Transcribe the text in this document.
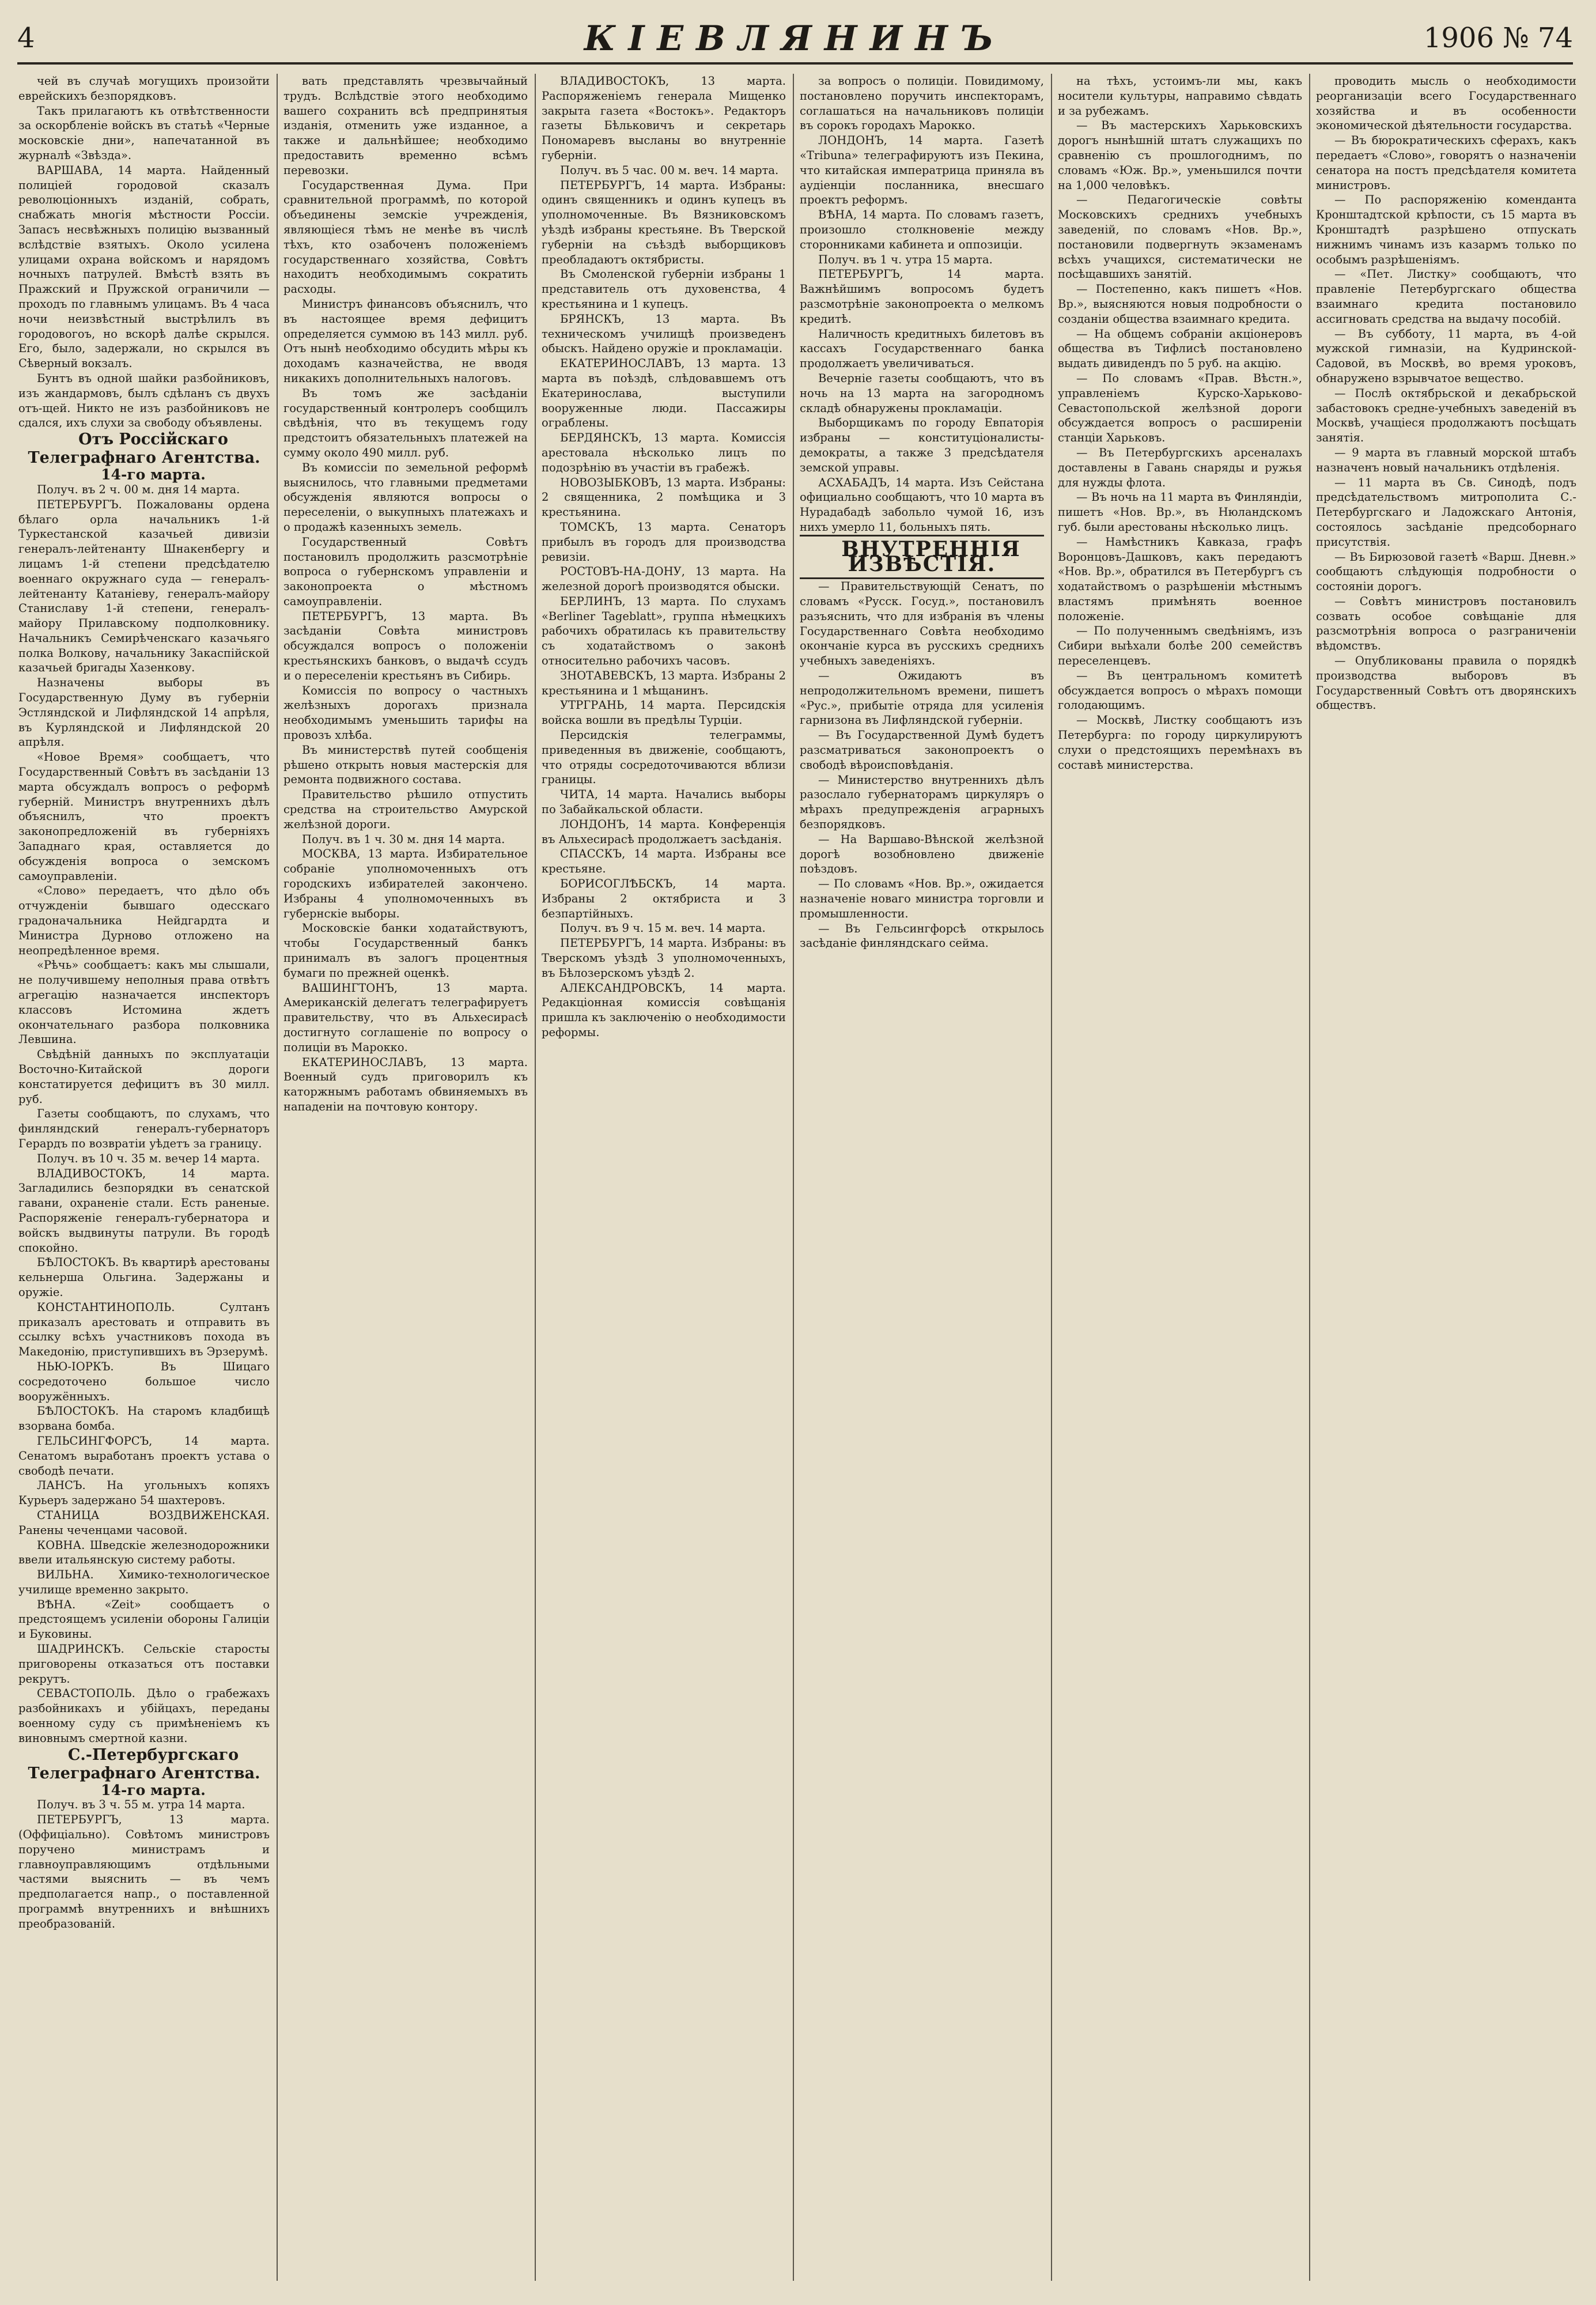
4	КІЕВЛЯНИНЪ	1906 № 74

чей въ случаѣ могущихъ произойти еврейскихъ безпорядковъ.

Такъ прилагаютъ къ отвѣтственности за оскорбленіе войскъ въ статьѣ «Черные московскіе дни», напечатанной въ журналѣ «Звѣзда».

ВАРШАВА, 14 марта. Найденный полиціей городовой сказалъ революціонныхъ изданій, собрать, снабжать многія мѣстности Россіи. Запасъ несвѣжныхъ полицію вызванный вслѣдствіе взятыхъ. Около усилена улицами охрана войскомъ и нарядомъ ночныхъ патрулей. Вмѣстѣ взять въ Пражский и Пружской ограничили — проходъ по главнымъ улицамъ. Въ 4 часа ночи неизвѣстный выстрѣлилъ въ городовогоъ, но вскорѣ далѣе скрылся. Его, было, задержали, но скрылся въ Сѣверный вокзалъ.

Бунтъ въ одной шайки разбойниковъ, изъ жандармовъ, былъ сдѣланъ съ двухъ отъ-щей. Никто не изъ разбойниковъ не сдался, ихъ слухи за свободу объявлены.

Отъ Россійскаго Телеграфнаго Агентства.

14-го марта.

Получ. въ 2 ч. 00 м. дня 14 марта.

ПЕТЕРБУРГЪ. Пожалованы ордена бѣлаго орла начальникъ 1-й Туркестанской казачьей дивизіи генералъ-лейтенанту Шнакенбергу и лицамъ 1-й степени предсѣдателю военнаго окружнаго суда — генералъ-лейтенанту Катаніеву, генералъ-майору Станиславу 1-й степени, генералъ-майору Прилавскому подполковнику. Начальникъ Семирѣченскаго казачьяго полка Волкову, начальнику Закаспійской казачьей бригады Хазенкову.

Назначены выборы въ Государственную Думу въ губерніи Эстляндской и Лифляндской 14 апрѣля, въ Курляндской и Лифляндской 20 апрѣля.

«Новое Время» сообщаетъ, что Государственный Совѣтъ въ засѣданіи 13 марта обсуждалъ вопросъ о реформѣ губерній. Министръ внутреннихъ дѣлъ объяснилъ, что проектъ законопредложеній въ губерніяхъ Западнаго края, оставляется до обсужденія вопроса о земскомъ самоуправленіи.

«Слово» передаетъ, что дѣло объ отчужденіи бывшаго одесскаго градоначальника Нейдгардта и Министра Дурново отложено на неопредѣленное время.

«Рѣчь» сообщаетъ: какъ мы слышали, не получившему неполныя права отвѣтъ агрегацію назначается инспекторъ классовъ Истомина ждетъ окончательнаго разбора полковника Левшина.

Свѣдѣній данныхъ по эксплуатаціи Восточно-Китайской дороги констатируется дефицитъ въ 30 милл. руб.

Газеты сообщаютъ, по слухамъ, что финляндский генералъ-губернаторъ Герардъ по возвратіи уѣдетъ за границу.

Получ. въ 10 ч. 35 м. вечер 14 марта.

ВЛАДИВОСТОКЪ, 14 марта. Загладились безпорядки въ сенатской гавани, охраненіе стали. Есть раненые. Распоряженіе генералъ-губернатора и войскъ выдвинуты патрули. Въ городѣ спокойно.

БѢЛОСТОКЪ. Въ квартирѣ арестованы кельнерша Ольгина. Задержаны и оружіе.

КОНСТАНТИНОПОЛЬ. Султанъ приказалъ арестовать и отправить въ ссылку всѣхъ участниковъ похода въ Македонію, приступившихъ въ Эрзерумѣ.

НЬЮ-ІОРКЪ. Въ Шицаго сосредоточено большое число вооружённыхъ.

БѢЛОСТОКЪ. На старомъ кладбищѣ взорвана бомба.

ГЕЛЬСИНГФОРСЪ, 14 марта. Сенатомъ выработанъ проектъ устава о свободѣ печати.

ЛАНСЪ. На угольныхъ копяхъ Курьеръ задержано 54 шахтеровъ.

СТАНИЦА ВОЗДВИЖЕНСКАЯ. Ранены чеченцами часовой.

КОВНА. Шведскіе железнодорожники ввели итальянскую систему работы.

ВИЛЬНА. Химико-технологическое училище временно закрыто.

ВѢНА. «Zeit» сообщаетъ о предстоящемъ усиленіи обороны Галиціи и Буковины.

ШАДРИНСКЪ. Сельскіе старосты приговорены отказаться отъ поставки рекрутъ.

СЕВАСТОПОЛЬ. Дѣло о грабежахъ разбойникахъ и убійцахъ, переданы военному суду съ примѣненіемъ къ виновнымъ смертной казни.

С.-Петербургскаго Телеграфнаго Агентства.

14-го марта.

Получ. въ 3 ч. 55 м. утра 14 марта.

ПЕТЕРБУРГЪ, 13 марта. (Оффиціально). Совѣтомъ министровъ поручено министрамъ и главноуправляющимъ отдѣльными частями выяснить — въ чемъ предполагается напр., о поставленной программѣ внутреннихъ и внѣшнихъ преобразованій.

вать представлять чрезвычайный трудъ. Вслѣдствіе этого необходимо вашего сохранить всѣ предпринятыя изданія, отменить уже изданное, а также и дальнѣйшее; необходимо предоставить временно всѣмъ перевозки.

Государственная Дума. При сравнительной программѣ, по которой объединены земскіе учрежденія, являющіеся тѣмъ не менѣе въ числѣ тѣхъ, кто озабоченъ положеніемъ государственнаго хозяйства, Совѣтъ находитъ необходимымъ сократить расходы.

Министръ финансовъ объяснилъ, что въ настоящее время дефицитъ определяется суммою въ 143 милл. руб. Отъ нынѣ необходимо обсудить мѣры къ доходамъ казначейства, не вводя никакихъ дополнительныхъ налоговъ.

Въ томъ же засѣданіи государственный контролеръ сообщилъ свѣдѣнія, что въ текущемъ году предстоитъ обязательныхъ платежей на сумму около 490 милл. руб.

Въ комиссіи по земельной реформѣ выяснилось, что главными предметами обсужденія являются вопросы о переселеніи, о выкупныхъ платежахъ и о продажѣ казенныхъ земель.

Государственный Совѣтъ постановилъ продолжить разсмотрѣніе вопроса о губернскомъ управленіи и законопроекта о мѣстномъ самоуправленіи.

ПЕТЕРБУРГЪ, 13 марта. Въ засѣданіи Совѣта министровъ обсуждался вопросъ о положеніи крестьянскихъ банковъ, о выдачѣ ссудъ и о переселеніи крестьянъ въ Сибирь.

Комиссія по вопросу о частныхъ желѣзныхъ дорогахъ признала необходимымъ уменьшить тарифы на провозъ хлѣба.

Въ министерствѣ путей сообщенія рѣшено открыть новыя мастерскія для ремонта подвижного состава.

Правительство рѣшило отпустить средства на строительство Амурской желѣзной дороги.

Получ. въ 1 ч. 30 м. дня 14 марта.

МОСКВА, 13 марта. Избирательное собраніе уполномоченныхъ отъ городскихъ избирателей закончено. Избраны 4 уполномоченныхъ въ губернскіе выборы.

Московскіе банки ходатайствуютъ, чтобы Государственный банкъ принималъ въ залогъ процентныя бумаги по прежней оценкѣ.

ВАШИНГТОНЪ, 13 марта. Американскій делегатъ телеграфируетъ правительству, что въ Альхесирасѣ достигнуто соглашеніе по вопросу о полиціи въ Марокко.

ЕКАТЕРИНОСЛАВЪ, 13 марта. Военный судъ приговорилъ къ каторжнымъ работамъ обвиняемыхъ въ нападеніи на почтовую контору.

ВЛАДИВОСТОКЪ, 13 марта. Распоряженіемъ генерала Мищенко закрыта газета «Востокъ». Редакторъ газеты Бѣльковичъ и секретарь Пономаревъ высланы во внутренніе губерніи.

Получ. въ 5 час. 00 м. веч. 14 марта.

ПЕТЕРБУРГЪ, 14 марта. Избраны: одинъ священникъ и одинъ купецъ въ уполномоченные. Въ Вязниковскомъ уѣздѣ избраны крестьяне. Въ Тверской губерніи на съѣздѣ выборщиковъ преобладаютъ октябристы.

Въ Смоленской губерніи избраны 1 представитель отъ духовенства, 4 крестьянина и 1 купецъ.

БРЯНСКЪ, 13 марта. Въ техническомъ училищѣ произведенъ обыскъ. Найдено оружіе и прокламаціи.

ЕКАТЕРИНОСЛАВЪ, 13 марта. 13 марта въ поѣздѣ, слѣдовавшемъ отъ Екатеринослава, выступили вооруженные люди. Пассажиры ограблены.

БЕРДЯНСКЪ, 13 марта. Комиссія арестовала нѣсколько лицъ по подозрѣнію въ участіи въ грабежѣ.

НОВОЗЫБКОВЪ, 13 марта. Избраны: 2 священника, 2 помѣщика и 3 крестьянина.

ТОМСКЪ, 13 марта. Сенаторъ прибылъ въ городъ для производства ревизіи.

РОСТОВЪ-НА-ДОНУ, 13 марта. На железной дорогѣ производятся обыски.

БЕРЛИНЪ, 13 марта. По слухамъ «Berliner Tageblatt», группа нѣмецкихъ рабочихъ обратилась къ правительству съ ходатайствомъ о законѣ относительно рабочихъ часовъ.

ЗНОТАВЕВСКЪ, 13 марта. Избраны 2 крестьянина и 1 мѣщанинъ.

УТРГРАНЬ, 14 марта. Персидскія войска вошли въ предѣлы Турціи.

Персидскія телеграммы, приведенныя въ движеніе, сообщаютъ, что отряды сосредоточиваются вблизи границы.

ЧИТА, 14 марта. Начались выборы по Забайкальской области.

ЛОНДОНЪ, 14 марта. Конференція въ Альхесирасѣ продолжаетъ засѣданія.

СПАССКЪ, 14 марта. Избраны все крестьяне.

БОРИСОГЛѢБСКЪ, 14 марта. Избраны 2 октябриста и 3 безпартійныхъ.

Получ. въ 9 ч. 15 м. веч. 14 марта.

ПЕТЕРБУРГЪ, 14 марта. Избраны: въ Тверскомъ уѣздѣ 3 уполномоченныхъ, въ Бѣлозерскомъ уѣздѣ 2.

АЛЕКСАНДРОВСКЪ, 14 марта. Редакціонная комиссія совѣщанія пришла къ заключенію о необходимости реформы.

за вопросъ о полиціи. Повидимому, постановлено поручить инспекторамъ, соглашаться на начальниковъ полиціи въ сорокъ городахъ Марокко.

ЛОНДОНЪ, 14 марта. Газетѣ «Tribuna» телеграфируютъ изъ Пекина, что китайская императрица приняла въ аудіенціи посланника, внесшаго проектъ реформъ.

ВѢНА, 14 марта. По словамъ газетъ, произошло столкновеніе между сторонниками кабинета и оппозиціи.

Получ. въ 1 ч. утра 15 марта.

ПЕТЕРБУРГЪ, 14 марта. Важнѣйшимъ вопросомъ будетъ разсмотрѣніе законопроекта о мелкомъ кредитѣ.

Наличность кредитныхъ билетовъ въ кассахъ Государственнаго банка продолжаетъ увеличиваться.

Вечерніе газеты сообщаютъ, что въ ночь на 13 марта на загородномъ складѣ обнаружены прокламаціи.

Выборщикамъ по городу Евпаторія избраны — конституціоналисты-демократы, а также 3 предсѣдателя земской управы.

АСХАБАДЪ, 14 марта. Изъ Сейстана официально сообщаютъ, что 10 марта въ Нурадабадѣ забольло чумой 16, изъ нихъ умерло 11, больныхъ пять.

ВНУТРЕННІЯ ИЗВѢСТІЯ.

— Правительствующій Сенатъ, по словамъ «Русск. Госуд.», постановилъ разъяснить, что для избранія въ члены Государственнаго Совѣта необходимо окончаніе курса въ русскихъ среднихъ учебныхъ заведеніяхъ.

— Ожидаютъ въ непродолжительномъ времени, пишетъ «Рус.», прибытіе отряда для усиленія гарнизона въ Лифляндской губерніи.

— Въ Государственной Думѣ будетъ разсматриваться законопроектъ о свободѣ вѣроисповѣданія.

— Министерство внутреннихъ дѣлъ разослало губернаторамъ циркуляръ о мѣрахъ предупрежденія аграрныхъ безпорядковъ.

— На Варшаво-Вѣнской желѣзной дорогѣ возобновлено движеніе поѣздовъ.

— По словамъ «Нов. Вр.», ожидается назначеніе новаго министра торговли и промышленности.

— Въ Гельсингфорсѣ открылось засѣданіе финляндскаго сейма.

на тѣхъ, устоимъ-ли мы, какъ носители культуры, направимо сѣвдать и за рубежамъ.

— Въ мастерскихъ Харьковскихъ дорогъ нынѣшній штатъ служащихъ по сравненію съ прошлогоднимъ, по словамъ «Юж. Вр.», уменьшился почти на 1,000 человѣкъ.

— Педагогическіе совѣты Московскихъ среднихъ учебныхъ заведеній, по словамъ «Нов. Вр.», постановили подвергнуть экзаменамъ всѣхъ учащихся, систематически не посѣщавшихъ занятій.

— Постепенно, какъ пишетъ «Нов. Вр.», выясняются новыя подробности о созданіи общества взаимнаго кредита.

— На общемъ собраніи акціонеровъ общества въ Тифлисѣ постановлено выдать дивидендъ по 5 руб. на акцію.

— По словамъ «Прав. Вѣстн.», управленіемъ Курско-Харьково-Севастопольской желѣзной дороги обсуждается вопросъ о расширеніи станціи Харьковъ.

— Въ Петербургскихъ арсеналахъ доставлены в Гавань снаряды и ружья для нужды флота.

— Въ ночь на 11 марта въ Финляндіи, пишетъ «Нов. Вр.», въ Нюландскомъ губ. были арестованы нѣсколько лицъ.

— Намѣстникъ Кавказа, графъ Воронцовъ-Дашковъ, какъ передаютъ «Нов. Вр.», обратился въ Петербургъ съ ходатайствомъ о разрѣшеніи мѣстнымъ властямъ примѣнять военное положеніе.

— По полученнымъ сведѣніямъ, изъ Сибири выѣхали болѣе 200 семействъ переселенцевъ.

— Въ центральномъ комитетѣ обсуждается вопросъ о мѣрахъ помощи голодающимъ.

— Москвѣ, Листку сообщаютъ изъ Петербурга: по городу циркулируютъ слухи о предстоящихъ перемѣнахъ въ составѣ министерства.

проводить мысль о необходимости реорганизаціи всего Государственнаго хозяйства и въ особенности экономической дѣятельности государства.

— Въ бюрократическихъ сферахъ, какъ передаетъ «Слово», говорятъ о назначеніи сенатора на постъ предсѣдателя комитета министровъ.

— По распоряженію коменданта Кронштадтской крѣпости, съ 15 марта въ Кронштадтѣ разрѣшено отпускать нижнимъ чинамъ изъ казармъ только по особымъ разрѣшеніямъ.

— «Пет. Листку» сообщаютъ, что правленіе Петербургскаго общества взаимнаго кредита постановило ассигновать средства на выдачу пособій.

— Въ субботу, 11 марта, въ 4-ой мужской гимназіи, на Кудринской-Садовой, въ Москвѣ, во время уроковъ, обнаружено взрывчатое вещество.

— Послѣ октябрьской и декабрьской забастовокъ средне-учебныхъ заведеній въ Москвѣ, учащіеся продолжаютъ посѣщать занятія.

— 9 марта въ главный морской штабъ назначенъ новый начальникъ отдѣленія.

— 11 марта въ Св. Синодѣ, подъ предсѣдательствомъ митрополита С.-Петербургскаго и Ладожскаго Антонія, состоялось засѣданіе предсоборнаго присутствія.

— Въ Бирюзовой газетѣ «Варш. Дневн.» сообщаютъ слѣдующія подробности о состояніи дорогъ.

— Совѣтъ министровъ постановилъ созвать особое совѣщаніе для разсмотрѣнія вопроса о разграниченіи вѣдомствъ.

— Опубликованы правила о порядкѣ производства выборовъ въ Государственный Совѣтъ отъ дворянскихъ обществъ.
